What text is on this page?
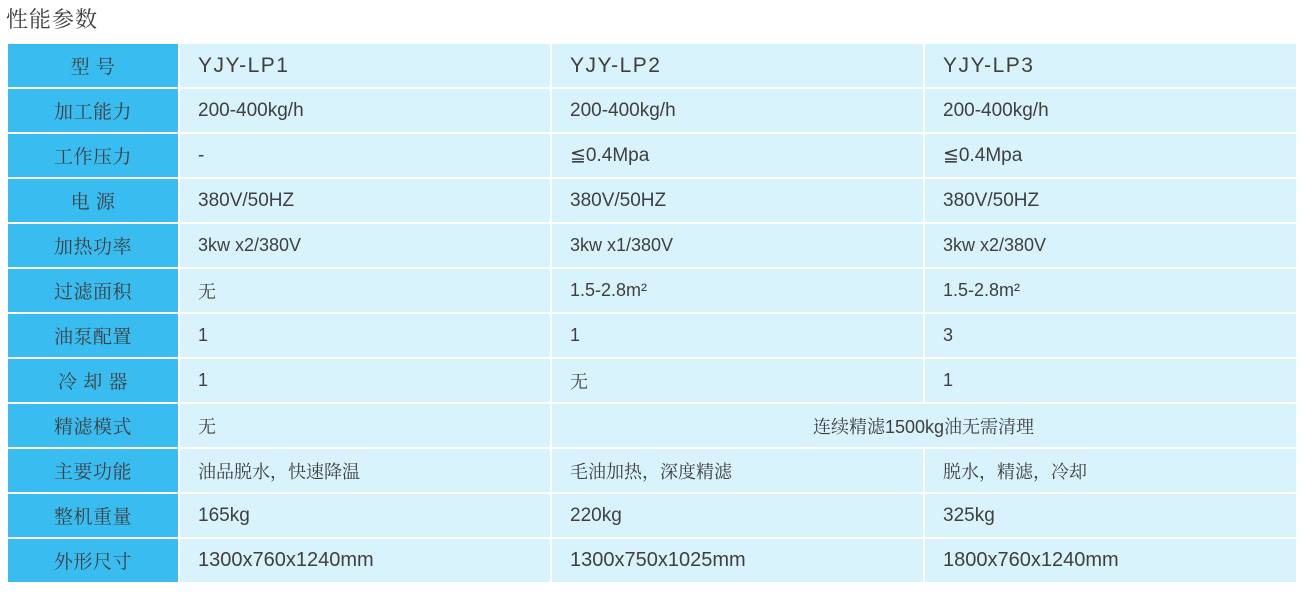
性能参数
型 号	YJY-LP1	YJY-LP2	YJY-LP3
加工能力	200-400kg/h	200-400kg/h	200-400kg/h
工作压力	-	≦0.4Mpa	≦0.4Mpa
电 源	380V/50HZ	380V/50HZ	380V/50HZ
加热功率	3kw x2/380V	3kw x1/380V	3kw x2/380V
过滤面积	无	1.5-2.8m²	1.5-2.8m²
油泵配置	1	1	3
冷 却 器	1	无	1
精滤模式	无	连续精滤1500kg油无需清理	
主要功能	油品脱水，快速降温	毛油加热，深度精滤	脱水，精滤，冷却
整机重量	165kg	220kg	325kg
外形尺寸	1300x760x1240mm	1300x750x1025mm	1800x760x1240mm
